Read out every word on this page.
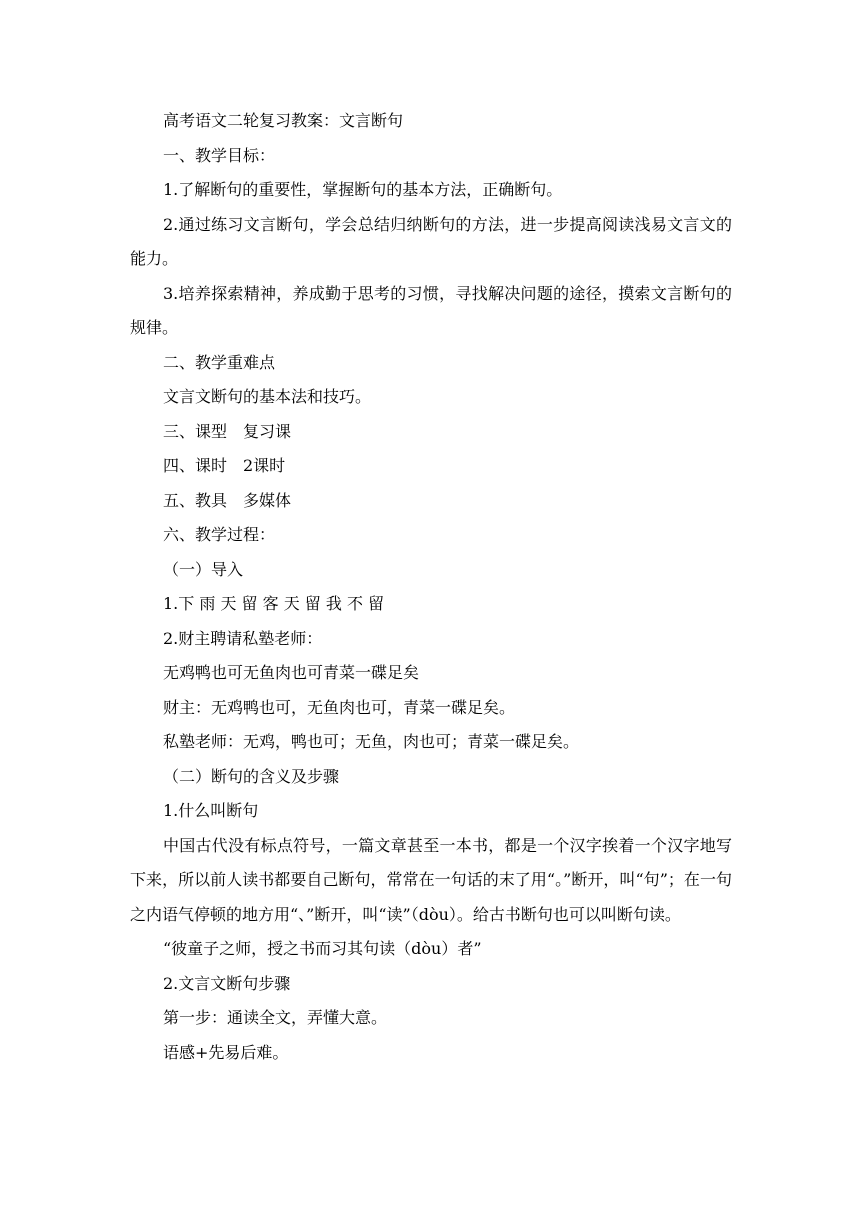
高考语文二轮复习教案：文言断句

一、教学目标：

1.了解断句的重要性，掌握断句的基本方法，正确断句。

2.通过练习文言断句，学会总结归纳断句的方法，进一步提高阅读浅易文言文的能力。

3.培养探索精神，养成勤于思考的习惯，寻找解决问题的途径，摸索文言断句的规律。

二、教学重难点

文言文断句的基本法和技巧。

三、课型　复习课

四、课时　2课时

五、教具　多媒体

六、教学过程：

（一）导入

1.下 雨 天 留 客 天 留 我 不 留

2.财主聘请私塾老师：

无鸡鸭也可无鱼肉也可青菜一碟足矣

财主：无鸡鸭也可，无鱼肉也可，青菜一碟足矣。

私塾老师：无鸡，鸭也可；无鱼，肉也可；青菜一碟足矣。

（二）断句的含义及步骤

1.什么叫断句

中国古代没有标点符号，一篇文章甚至一本书，都是一个汉字挨着一个汉字地写下来，所以前人读书都要自己断句，常常在一句话的末了用“。”断开，叫“句”；在一句之内语气停顿的地方用“、”断开，叫“读”（dòu）。给古书断句也可以叫断句读。

“彼童子之师，授之书而习其句读（dòu）者”

2.文言文断句步骤

第一步：通读全文，弄懂大意。

语感+先易后难。
